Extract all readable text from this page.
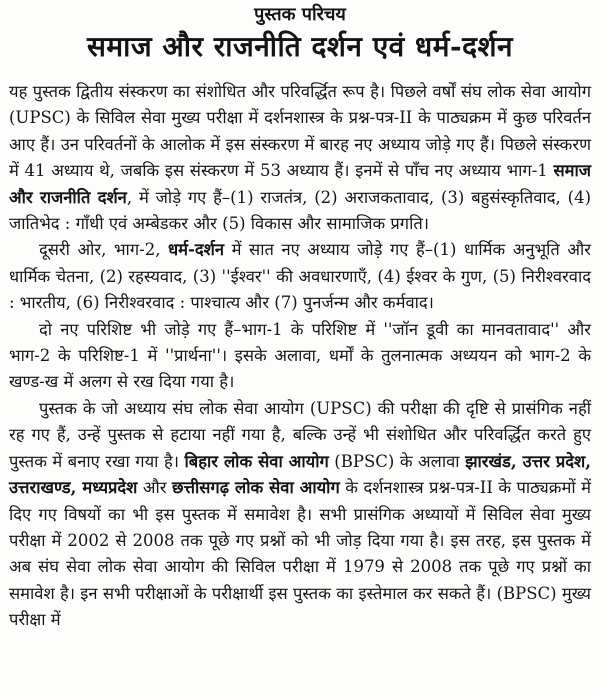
पुस्तक परिचय

समाज और राजनीति दर्शन एवं धर्म-दर्शन

यह पुस्तक द्वितीय संस्करण का संशोधित और परिवर्द्धित रूप है। पिछले वर्षों संघ लोक सेवा आयोग (UPSC) के सिविल सेवा मुख्य परीक्षा में दर्शनशास्त्र के प्रश्न-पत्र-II के पाठ्यक्रम में कुछ परिवर्तन आए हैं। उन परिवर्तनों के आलोक में इस संस्करण में बारह नए अध्याय जोड़े गए हैं। पिछले संस्करण में 41 अध्याय थे, जबकि इस संस्करण में 53 अध्याय हैं। इनमें से पाँच नए अध्याय भाग-1 समाज और राजनीति दर्शन, में जोड़े गए हैं–(1) राजतंत्र, (2) अराजकतावाद, (3) बहुसंस्कृतिवाद, (4) जातिभेद : गाँधी एवं अम्बेडकर और (5) विकास और सामाजिक प्रगति।

दूसरी ओर, भाग-2, धर्म-दर्शन में सात नए अध्याय जोड़े गए हैं–(1) धार्मिक अनुभूति और धार्मिक चेतना, (2) रहस्यवाद, (3) ''ईश्वर'' की अवधारणाएँ, (4) ईश्वर के गुण, (5) निरीश्वरवाद : भारतीय, (6) निरीश्वरवाद : पाश्चात्य और (7) पुनर्जन्म और कर्मवाद।

दो नए परिशिष्ट भी जोड़े गए हैं–भाग-1 के परिशिष्ट में ''जॉन डूवी का मानवतावाद'' और भाग-2 के परिशिष्ट-1 में ''प्रार्थना''। इसके अलावा, धर्मों के तुलनात्मक अध्ययन को भाग-2 के खण्ड-ख में अलग से रख दिया गया है।

पुस्तक के जो अध्याय संघ लोक सेवा आयोग (UPSC) की परीक्षा की दृष्टि से प्रासंगिक नहीं रह गए हैं, उन्हें पुस्तक से हटाया नहीं गया है, बल्कि उन्हें भी संशोधित और परिवर्द्धित करते हुए पुस्तक में बनाए रखा गया है। बिहार लोक सेवा आयोग (BPSC) के अलावा झारखंड, उत्तर प्रदेश, उत्तराखण्ड, मध्यप्रदेश और छत्तीसगढ़ लोक सेवा आयोग के दर्शनशास्त्र प्रश्न-पत्र-II के पाठ्यक्रमों में दिए गए विषयों का भी इस पुस्तक में समावेश है। सभी प्रासंगिक अध्यायों में सिविल सेवा मुख्य परीक्षा में 2002 से 2008 तक पूछे गए प्रश्नों को भी जोड़ दिया गया है। इस तरह, इस पुस्तक में अब संघ सेवा लोक सेवा आयोग की सिविल परीक्षा में 1979 से 2008 तक पूछे गए प्रश्नों का समावेश है। इन सभी परीक्षाओं के परीक्षार्थी इस पुस्तक का इस्तेमाल कर सकते हैं। (BPSC) मुख्य परीक्षा में
